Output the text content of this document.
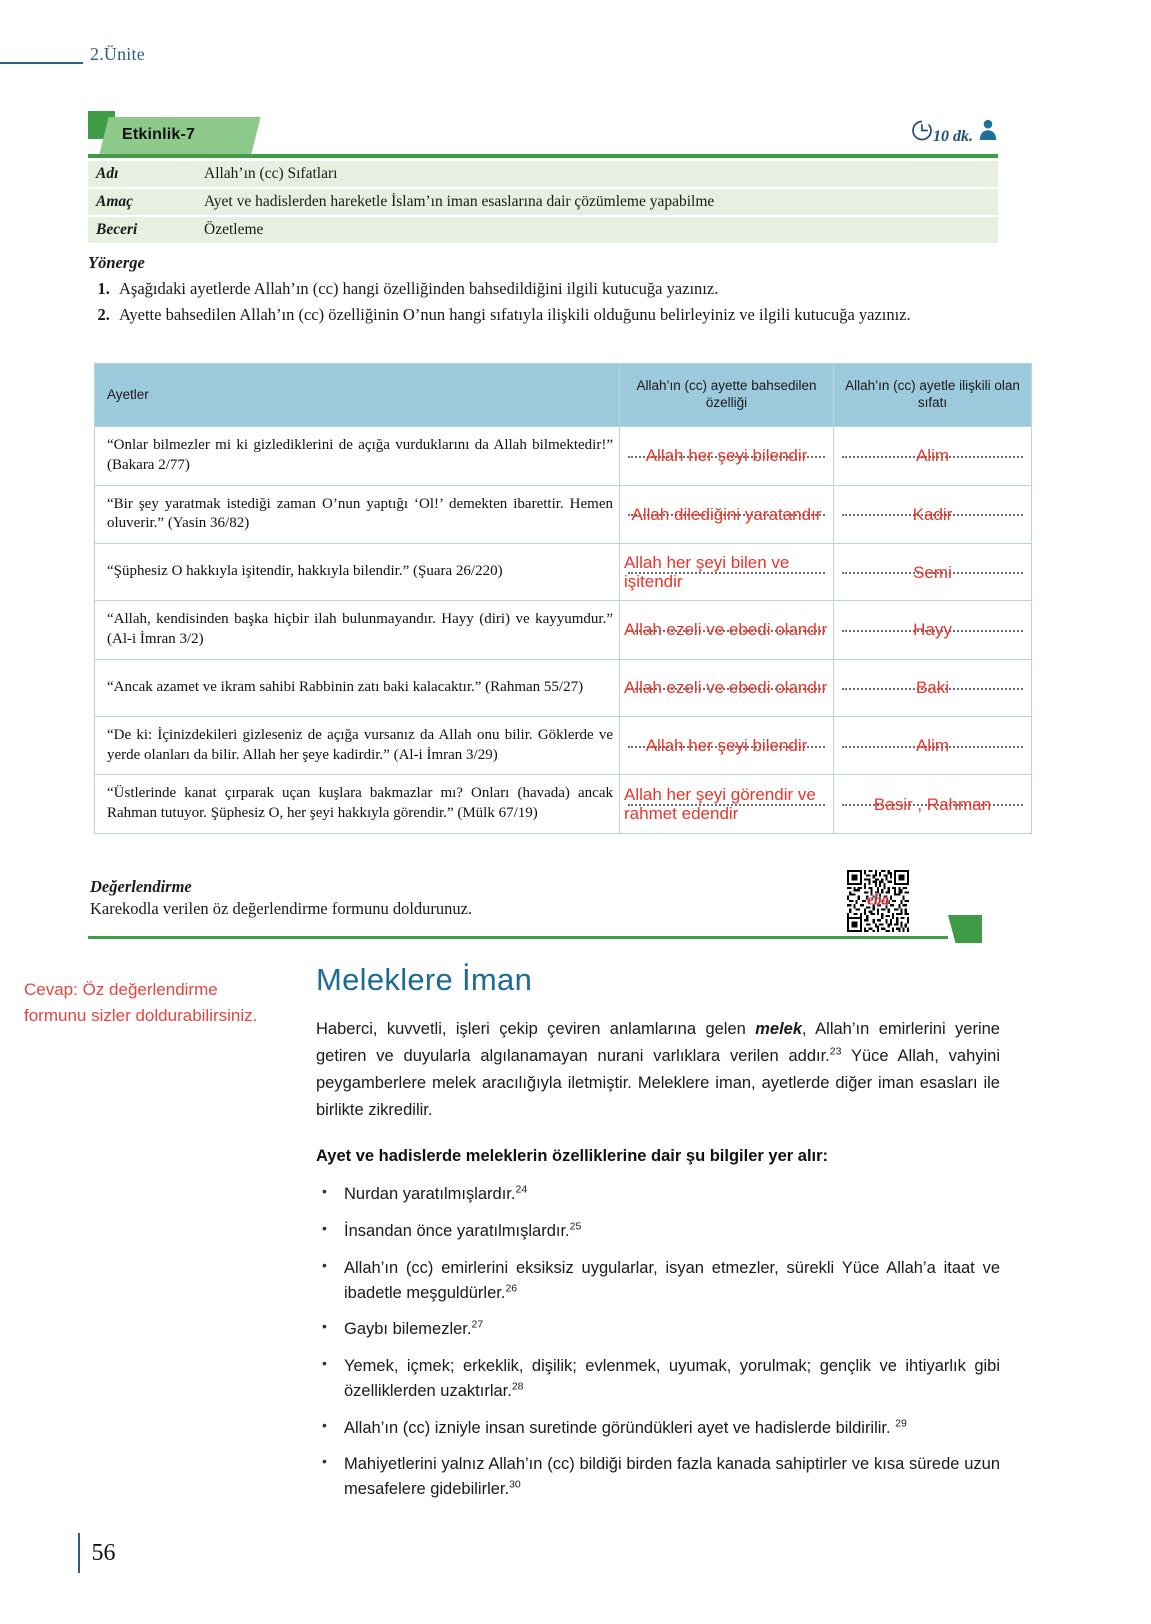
2.Ünite
Etkinlik-7	10 dk.
Adı	Allah’ın (cc) Sıfatları
Amaç	Ayet ve hadislerden hareketle İslam’ın iman esaslarına dair çözümleme yapabilme
Beceri	Özetleme
Yönerge
1. Aşağıdaki ayetlerde Allah’ın (cc) hangi özelliğinden bahsedildiğini ilgili kutucuğa yazınız.
2. Ayette bahsedilen Allah’ın (cc) özelliğinin O’nun hangi sıfatıyla ilişkili olduğunu belirleyiniz ve ilgili kutucuğa yazınız.
Ayetler	Allah’ın (cc) ayette bahsedilen özelliği	Allah’ın (cc) ayetle ilişkili olan sıfatı
“Onlar bilmezler mi ki gizlediklerini de açığa vurduklarını da Allah bilmektedir!” (Bakara 2/77)	Allah her şeyi bilendir	Alim

“Bir şey yaratmak istediği zaman O’nun yaptığı ‘Ol!’ demekten ibarettir. Hemen oluverir.” (Yasin 36/82)	Allah dilediğini yaratandır	Kadir

“Şüphesiz O hakkıyla işitendir, hakkıyla bilendir.” (Şuara 26/220)	Allah her şeyi bilen ve işitendir	Semi

“Allah, kendisinden başka hiçbir ilah bulunmayandır. Hayy (diri) ve kayyumdur.” (Al-i İmran 3/2)	Allah ezeli ve ebedi olandır	Hayy

“Ancak azamet ve ikram sahibi Rabbinin zatı baki kalacaktır.” (Rahman 55/27)	Allah ezeli ve ebedi olandır	Baki

“De ki: İçinizdekileri gizleseniz de açığa vursanız da Allah onu bilir. Göklerde ve yerde olanları da bilir. Allah her şeye kadirdir.” (Al-i İmran 3/29)	Allah her şeyi bilendir	Alim

“Üstlerinde kanat çırparak uçan kuşlara bakmazlar mı? Onları (havada) ancak Rahman tutuyor. Şüphesiz O, her şeyi hakkıyla görendir.” (Mülk 67/19)	Allah her şeyi görendir ve rahmet edendir	Basir , Rahman
Değerlendirme
Karekodla verilen öz değerlendirme formunu doldurunuz.	eba
Cevap: Öz değerlendirme formunu sizler doldurabilirsiniz.
Meleklere İman

Haberci, kuvvetli, işleri çekip çeviren anlamlarına gelen melek, Allah’ın emirlerini yerine getiren ve duyularla algılanamayan nurani varlıklara verilen addır.$^{23}$ Yüce Allah, vahyini peygamberlere melek aracılığıyla iletmiştir. Meleklere iman, ayetlerde diğer iman esasları ile birlikte zikredilir.

Ayet ve hadislerde meleklerin özelliklerine dair şu bilgiler yer alır:

• Nurdan yaratılmışlardır.$^{24}$
• İnsandan önce yaratılmışlardır.$^{25}$
• Allah’ın (cc) emirlerini eksiksiz uygularlar, isyan etmezler, sürekli Yüce Allah’a itaat ve ibadetle meşguldürler.$^{26}$
• Gaybı bilemezler.$^{27}$
• Yemek, içmek; erkeklik, dişilik; evlenmek, uyumak, yorulmak; gençlik ve ihtiyarlık gibi özelliklerden uzaktırlar.$^{28}$
• Allah’ın (cc) izniyle insan suretinde göründükleri ayet ve hadislerde bildirilir. $^{29}$
• Mahiyetlerini yalnız Allah’ın (cc) bildiği birden fazla kanada sahiptirler ve kısa sürede uzun mesafelere gidebilirler.$^{30}$
56
